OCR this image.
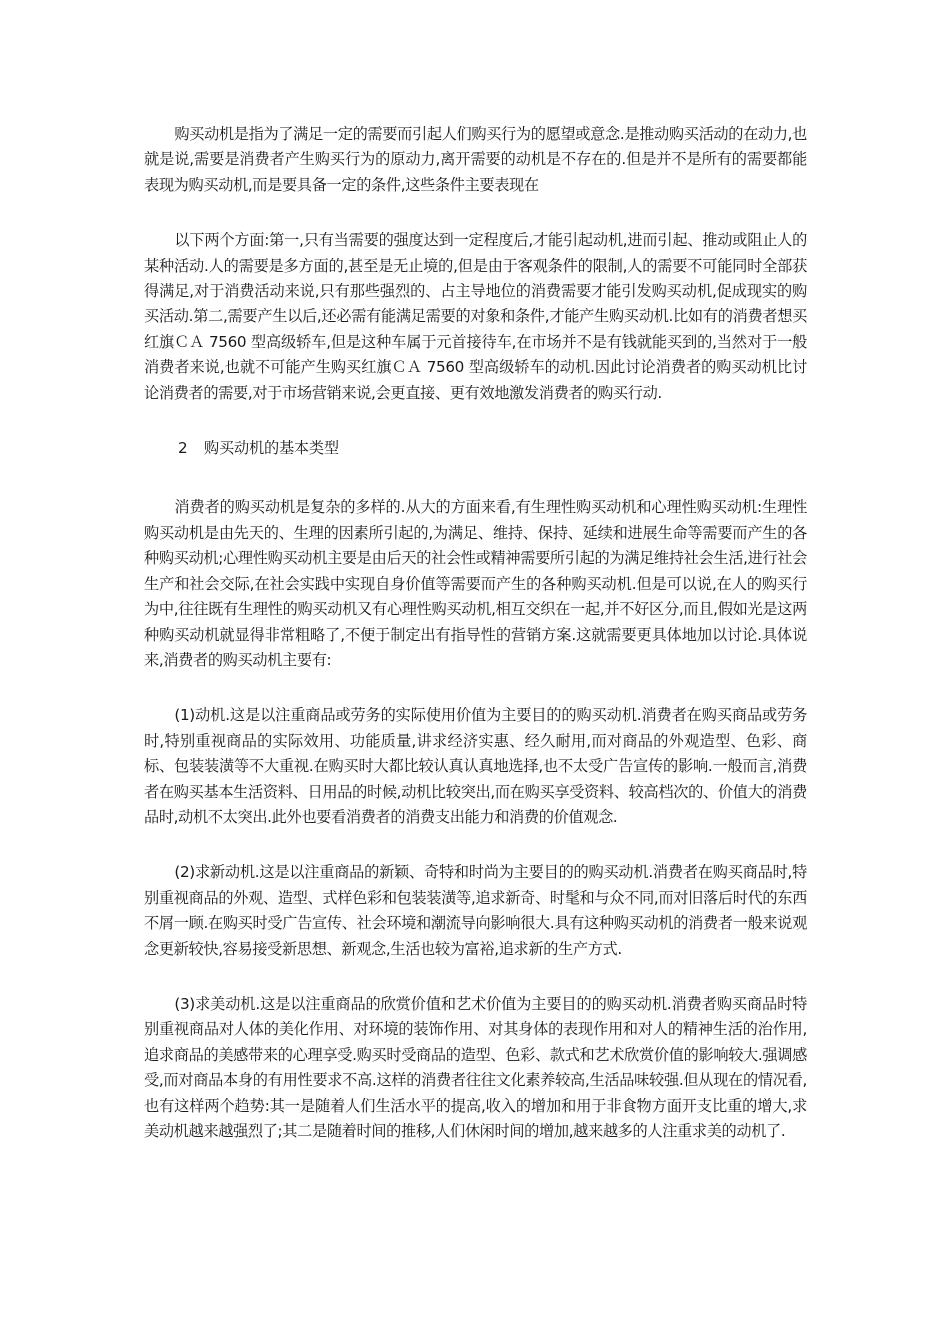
购买动机是指为了满足一定的需要而引起人们购买行为的愿望或意念.是推动购买活动的在动力,也就是说,需要是消费者产生购买行为的原动力,离开需要的动机是不存在的.但是并不是所有的需要都能表现为购买动机,而是要具备一定的条件,这些条件主要表现在

以下两个方面:第一,只有当需要的强度达到一定程度后,才能引起动机,进而引起、推动或阻止人的某种活动.人的需要是多方面的,甚至是无止境的,但是由于客观条件的限制,人的需要不可能同时全部获得满足,对于消费活动来说,只有那些强烈的、占主导地位的消费需要才能引发购买动机,促成现实的购买活动.第二,需要产生以后,还必需有能满足需要的对象和条件,才能产生购买动机.比如有的消费者想买红旗ＣＡ 7560 型高级轿车,但是这种车属于元首接待车,在市场并不是有钱就能买到的,当然对于一般消费者来说,也就不可能产生购买红旗ＣＡ 7560 型高级轿车的动机.因此讨论消费者的购买动机比讨论消费者的需要,对于市场营销来说,会更直接、更有效地激发消费者的购买行动.

2 购买动机的基本类型

消费者的购买动机是复杂的多样的.从大的方面来看,有生理性购买动机和心理性购买动机:生理性购买动机是由先天的、生理的因素所引起的,为满足、维持、保持、延续和进展生命等需要而产生的各种购买动机;心理性购买动机主要是由后天的社会性或精神需要所引起的为满足维持社会生活,进行社会生产和社会交际,在社会实践中实现自身价值等需要而产生的各种购买动机.但是可以说,在人的购买行为中,往往既有生理性的购买动机又有心理性购买动机,相互交织在一起,并不好区分,而且,假如光是这两种购买动机就显得非常粗略了,不便于制定出有指导性的营销方案.这就需要更具体地加以讨论.具体说来,消费者的购买动机主要有:

(1)动机.这是以注重商品或劳务的实际使用价值为主要目的的购买动机.消费者在购买商品或劳务时,特别重视商品的实际效用、功能质量,讲求经济实惠、经久耐用,而对商品的外观造型、色彩、商标、包装装潢等不大重视.在购买时大都比较认真认真地选择,也不太受广告宣传的影响.一般而言,消费者在购买基本生活资料、日用品的时候,动机比较突出,而在购买享受资料、较高档次的、价值大的消费品时,动机不太突出.此外也要看消费者的消费支出能力和消费的价值观念.

(2)求新动机.这是以注重商品的新颖、奇特和时尚为主要目的的购买动机.消费者在购买商品时,特别重视商品的外观、造型、式样色彩和包装装潢等,追求新奇、时髦和与众不同,而对旧落后时代的东西不屑一顾.在购买时受广告宣传、社会环境和潮流导向影响很大.具有这种购买动机的消费者一般来说观念更新较快,容易接受新思想、新观念,生活也较为富裕,追求新的生产方式.

(3)求美动机.这是以注重商品的欣赏价值和艺术价值为主要目的的购买动机.消费者购买商品时特别重视商品对人体的美化作用、对环境的装饰作用、对其身体的表现作用和对人的精神生活的治作用,追求商品的美感带来的心理享受.购买时受商品的造型、色彩、款式和艺术欣赏价值的影响较大.强调感受,而对商品本身的有用性要求不高.这样的消费者往往文化素养较高,生活品味较强.但从现在的情况看,也有这样两个趋势:其一是随着人们生活水平的提高,收入的增加和用于非食物方面开支比重的增大,求美动机越来越强烈了;其二是随着时间的推移,人们休闲时间的增加,越来越多的人注重求美的动机了.
